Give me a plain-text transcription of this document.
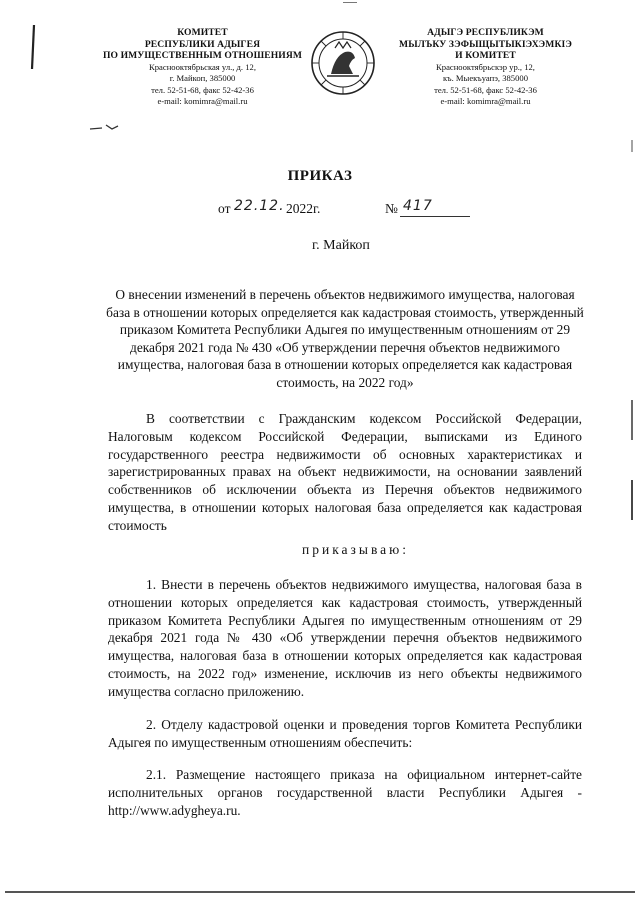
КОМИТЕТ
РЕСПУБЛИКИ АДЫГЕЯ
ПО ИМУЩЕСТВЕННЫМ ОТНОШЕНИЯМ
Краснооктябрьская ул., д. 12,
г. Майкоп, 385000
тел. 52-51-68, факс 52-42-36
e-mail: komimra@mail.ru
АДЫГЭ РЕСПУБЛИКЭМ
МЫЛЪКУ ЗЭФЫЩЫТЫКIЭХЭМКIЭ
И КОМИТЕТ
Краснооктябрьскэр ур., 12,
къ. Мыекъуапэ, 385000
тел. 52-51-68, факс 52-42-36
e-mail: komimra@mail.ru
ПРИКАЗ
от 22.12. 2022г.	№ 417
г. Майкоп
О внесении изменений в перечень объектов недвижимого имущества, налоговая база в отношении которых определяется как кадастровая стоимость, утвержденный приказом Комитета Республики Адыгея по имущественным отношениям от 29 декабря 2021 года № 430 «Об утверждении перечня объектов недвижимого имущества, налоговая база в отношении которых определяется как кадастровая стоимость, на 2022 год»
В соответствии с Гражданским кодексом Российской Федерации, Налоговым кодексом Российской Федерации, выписками из Единого государственного реестра недвижимости об основных характеристиках и зарегистрированных правах на объект недвижимости, на основании заявлений собственников об исключении объекта из Перечня объектов недвижимого имущества, в отношении которых налоговая база определяется как кадастровая стоимость
приказываю:
1. Внести в перечень объектов недвижимого имущества, налоговая база в отношении которых определяется как кадастровая стоимость, утвержденный приказом Комитета Республики Адыгея по имущественным отношениям от 29 декабря 2021 года № 430 «Об утверждении перечня объектов недвижимого имущества, налоговая база в отношении которых определяется как кадастровая стоимость, на 2022 год» изменение, исключив из него объекты недвижимого имущества согласно приложению.
2. Отделу кадастровой оценки и проведения торгов Комитета Республики Адыгея по имущественным отношениям обеспечить:
2.1. Размещение настоящего приказа на официальном интернет-сайте исполнительных органов государственной власти Республики Адыгея - http://www.adygheya.ru.
